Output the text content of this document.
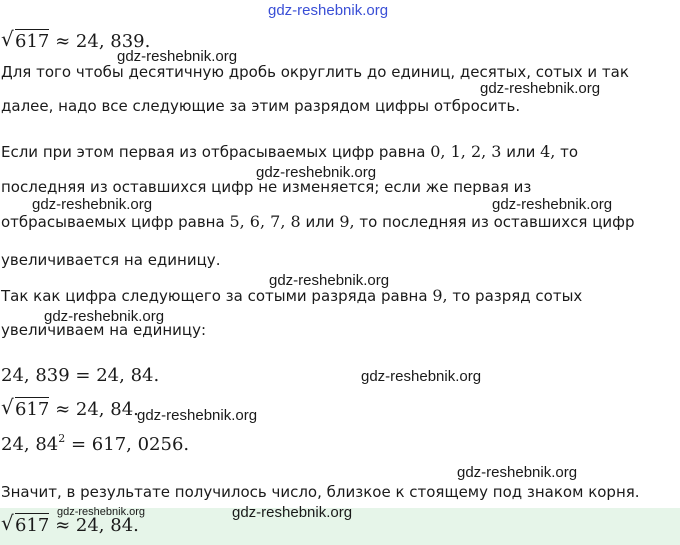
gdz-reshebnik.org
√ 617 ≈ 24, 839.
Для того чтобы десятичную дробь округлить до единиц, десятых, сотых и так
далее, надо все следующие за этим разрядом цифры отбросить.
Если при этом первая из отбрасываемых цифр равна 0, 1, 2, 3 или 4, то
последняя из оставшихся цифр не изменяется; если же первая из
отбрасываемых цифр равна 5, 6, 7, 8 или 9, то последняя из оставшихся цифр
увеличивается на единицу.
Так как цифра следующего за сотыми разряда равна 9, то разряд сотых
увеличиваем на единицу:
24, 839 = 24, 84.
√ 617 ≈ 24, 84.
24, $84^2 = 617$, 0256.
Значит, в результате получилось число, близкое к стоящему под знаком корня.
√ 617 ≈ 24, 84.
gdz-reshebnik.org
gdz-reshebnik.org
gdz-reshebnik.org
gdz-reshebnik.org	gdz-reshebnik.org
gdz-reshebnik.org
gdz-reshebnik.org
gdz-reshebnik.org
gdz-reshebnik.org
gdz-reshebnik.org
gdz-reshebnik.org	gdz-reshebnik.org
